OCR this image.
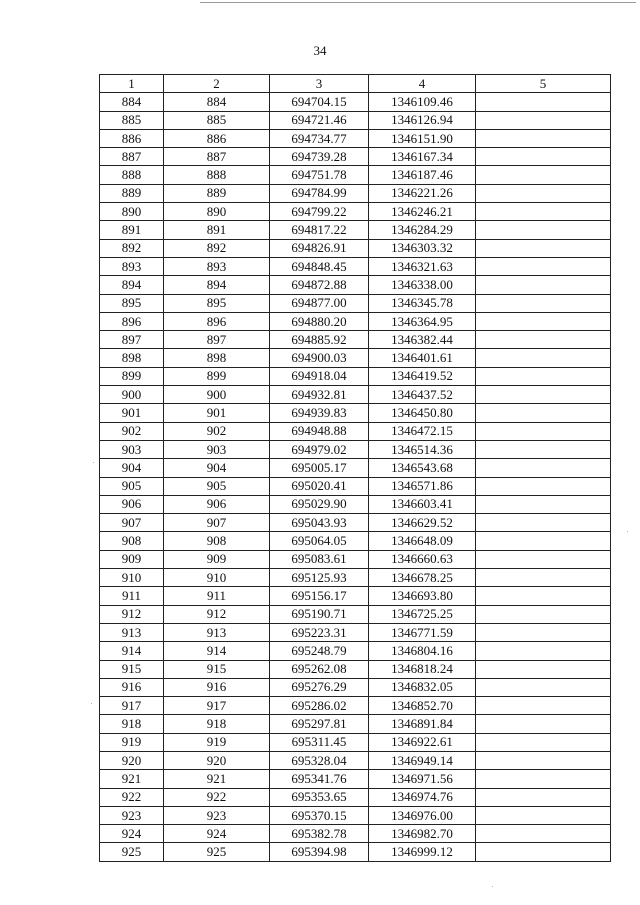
34
1	2	3	4	5
884	884	694704.15	1346109.46	
885	885	694721.46	1346126.94	
886	886	694734.77	1346151.90	
887	887	694739.28	1346167.34	
888	888	694751.78	1346187.46	
889	889	694784.99	1346221.26	
890	890	694799.22	1346246.21	
891	891	694817.22	1346284.29	
892	892	694826.91	1346303.32	
893	893	694848.45	1346321.63	
894	894	694872.88	1346338.00	
895	895	694877.00	1346345.78	
896	896	694880.20	1346364.95	
897	897	694885.92	1346382.44	
898	898	694900.03	1346401.61	
899	899	694918.04	1346419.52	
900	900	694932.81	1346437.52	
901	901	694939.83	1346450.80	
902	902	694948.88	1346472.15	
903	903	694979.02	1346514.36	
904	904	695005.17	1346543.68	
905	905	695020.41	1346571.86	
906	906	695029.90	1346603.41	
907	907	695043.93	1346629.52	
908	908	695064.05	1346648.09	
909	909	695083.61	1346660.63	
910	910	695125.93	1346678.25	
911	911	695156.17	1346693.80	
912	912	695190.71	1346725.25	
913	913	695223.31	1346771.59	
914	914	695248.79	1346804.16	
915	915	695262.08	1346818.24	
916	916	695276.29	1346832.05	
917	917	695286.02	1346852.70	
918	918	695297.81	1346891.84	
919	919	695311.45	1346922.61	
920	920	695328.04	1346949.14	
921	921	695341.76	1346971.56	
922	922	695353.65	1346974.76	
923	923	695370.15	1346976.00	
924	924	695382.78	1346982.70	
925	925	695394.98	1346999.12	
